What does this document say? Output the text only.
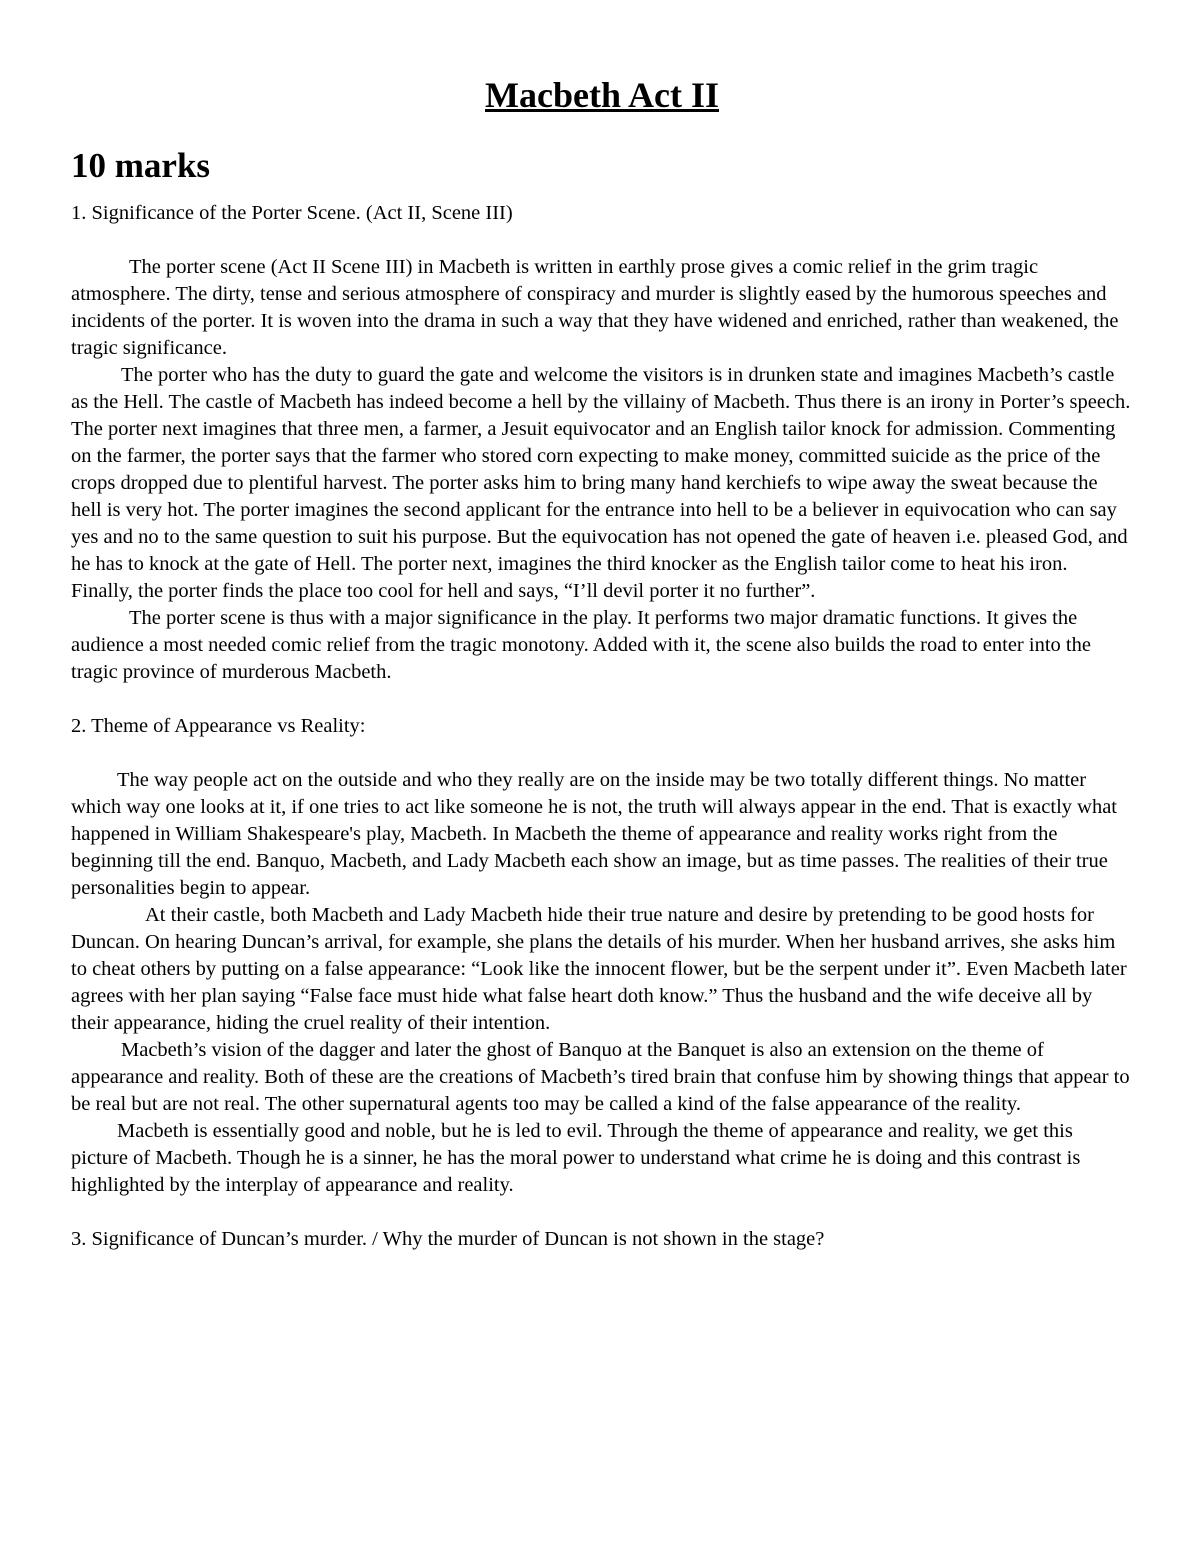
Macbeth Act II
10 marks

1. Significance of the Porter Scene. (Act II, Scene III)

The porter scene (Act II Scene III) in Macbeth is written in earthly prose gives a comic relief in the grim tragic atmosphere. The dirty, tense and serious atmosphere of conspiracy and murder is slightly eased by the humorous speeches and incidents of the porter. It is woven into the drama in such a way that they have widened and enriched, rather than weakened, the tragic significance.

The porter who has the duty to guard the gate and welcome the visitors is in drunken state and imagines Macbeth’s castle as the Hell. The castle of Macbeth has indeed become a hell by the villainy of Macbeth. Thus there is an irony in Porter’s speech. The porter next imagines that three men, a farmer, a Jesuit equivocator and an English tailor knock for admission. Commenting on the farmer, the porter says that the farmer who stored corn expecting to make money, committed suicide as the price of the crops dropped due to plentiful harvest. The porter asks him to bring many hand kerchiefs to wipe away the sweat because the hell is very hot. The porter imagines the second applicant for the entrance into hell to be a believer in equivocation who can say yes and no to the same question to suit his purpose. But the equivocation has not opened the gate of heaven i.e. pleased God, and he has to knock at the gate of Hell. The porter next, imagines the third knocker as the English tailor come to heat his iron. Finally, the porter finds the place too cool for hell and says, “I’ll devil porter it no further”.

The porter scene is thus with a major significance in the play. It performs two major dramatic functions. It gives the audience a most needed comic relief from the tragic monotony. Added with it, the scene also builds the road to enter into the tragic province of murderous Macbeth.

2. Theme of Appearance vs Reality:

The way people act on the outside and who they really are on the inside may be two totally different things. No matter which way one looks at it, if one tries to act like someone he is not, the truth will always appear in the end. That is exactly what happened in William Shakespeare's play, Macbeth. In Macbeth the theme of appearance and reality works right from the beginning till the end. Banquo, Macbeth, and Lady Macbeth each show an image, but as time passes. The realities of their true personalities begin to appear.

At their castle, both Macbeth and Lady Macbeth hide their true nature and desire by pretending to be good hosts for Duncan. On hearing Duncan’s arrival, for example, she plans the details of his murder. When her husband arrives, she asks him to cheat others by putting on a false appearance: “Look like the innocent flower, but be the serpent under it”. Even Macbeth later agrees with her plan saying “False face must hide what false heart doth know.” Thus the husband and the wife deceive all by their appearance, hiding the cruel reality of their intention.

Macbeth’s vision of the dagger and later the ghost of Banquo at the Banquet is also an extension on the theme of appearance and reality. Both of these are the creations of Macbeth’s tired brain that confuse him by showing things that appear to be real but are not real. The other supernatural agents too may be called a kind of the false appearance of the reality.

Macbeth is essentially good and noble, but he is led to evil. Through the theme of appearance and reality, we get this picture of Macbeth. Though he is a sinner, he has the moral power to understand what crime he is doing and this contrast is highlighted by the interplay of appearance and reality.

3. Significance of Duncan’s murder. / Why the murder of Duncan is not shown in the stage?
